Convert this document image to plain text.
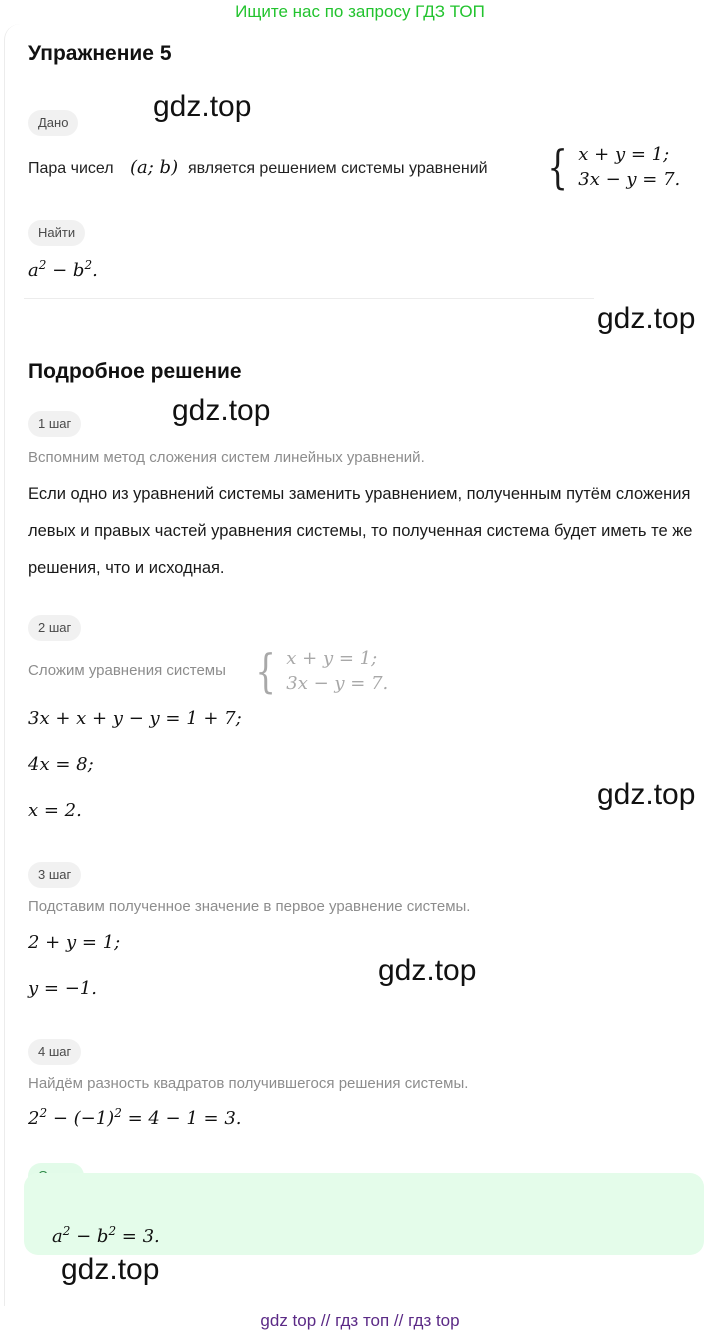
Ищите нас по запросу ГДЗ ТОП
Упражнение 5
gdz.top
Дано
Пара чисел (a; b) является решением системы уравнений { x + y = 1;
3x − y = 7.
Найти
$a^2 - b^2$.
gdz.top
Подробное решение
gdz.top
1 шаг
Вспомним метод сложения систем линейных уравнений.
Если одно из уравнений системы заменить уравнением, полученным путём сложения левых и правых частей уравнения системы, то полученная система будет иметь те же решения, что и исходная.
2 шаг
Сложим уравнения системы { x + y = 1;
3x − y = 7.
3x + x + y − y = 1 + 7;
4x = 8;
x = 2.	gdz.top
3 шаг
Подставим полученное значение в первое уравнение системы.
2 + y = 1;
gdz.top
y = −1.
4 шаг
Найдём разность квадратов получившегося решения системы.
$2^2 - (-1)^2 = 4 - 1 = 3$.
$a^2 - b^2 = 3$.
gdz.top
gdz top // гдз топ // гдз top
